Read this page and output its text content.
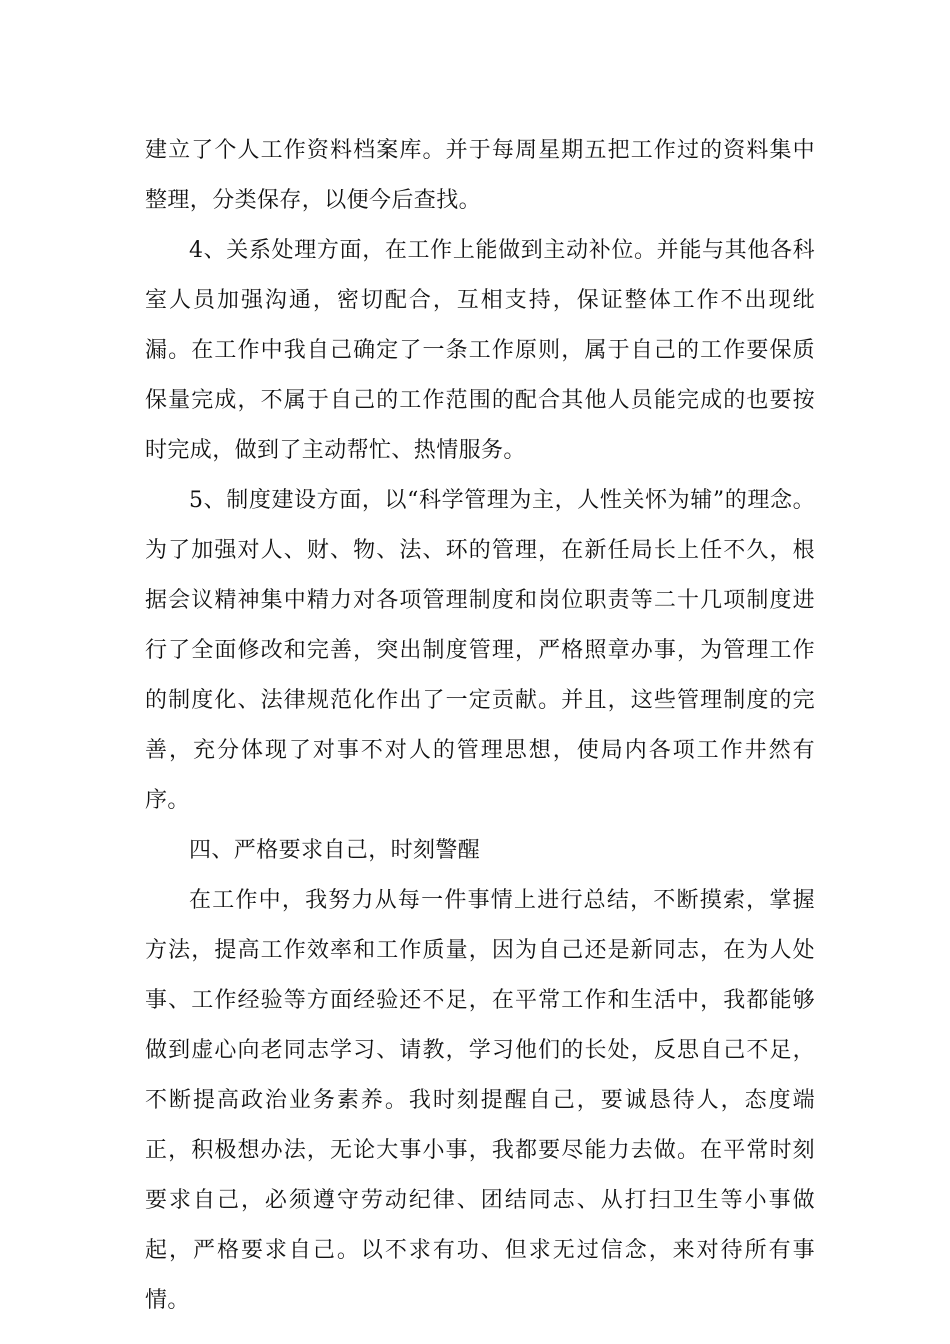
建立了个人工作资料档案库。并于每周星期五把工作过的资料集中整理，分类保存，以便今后查找。

4、关系处理方面，在工作上能做到主动补位。并能与其他各科室人员加强沟通，密切配合，互相支持，保证整体工作不出现纰漏。在工作中我自己确定了一条工作原则，属于自己的工作要保质保量完成，不属于自己的工作范围的配合其他人员能完成的也要按时完成，做到了主动帮忙、热情服务。

5、制度建设方面，以“科学管理为主，人性关怀为辅”的理念。为了加强对人、财、物、法、环的管理，在新任局长上任不久，根据会议精神集中精力对各项管理制度和岗位职责等二十几项制度进行了全面修改和完善，突出制度管理，严格照章办事，为管理工作的制度化、法律规范化作出了一定贡献。并且，这些管理制度的完善，充分体现了对事不对人的管理思想，使局内各项工作井然有序。

四、严格要求自己，时刻警醒

在工作中，我努力从每一件事情上进行总结，不断摸索，掌握方法，提高工作效率和工作质量，因为自己还是新同志，在为人处事、工作经验等方面经验还不足，在平常工作和生活中，我都能够做到虚心向老同志学习、请教，学习他们的长处，反思自己不足，不断提高政治业务素养。我时刻提醒自己，要诚恳待人，态度端正，积极想办法，无论大事小事，我都要尽能力去做。在平常时刻要求自己，必须遵守劳动纪律、团结同志、从打扫卫生等小事做起，严格要求自己。以不求有功、但求无过信念，来对待所有事情。
